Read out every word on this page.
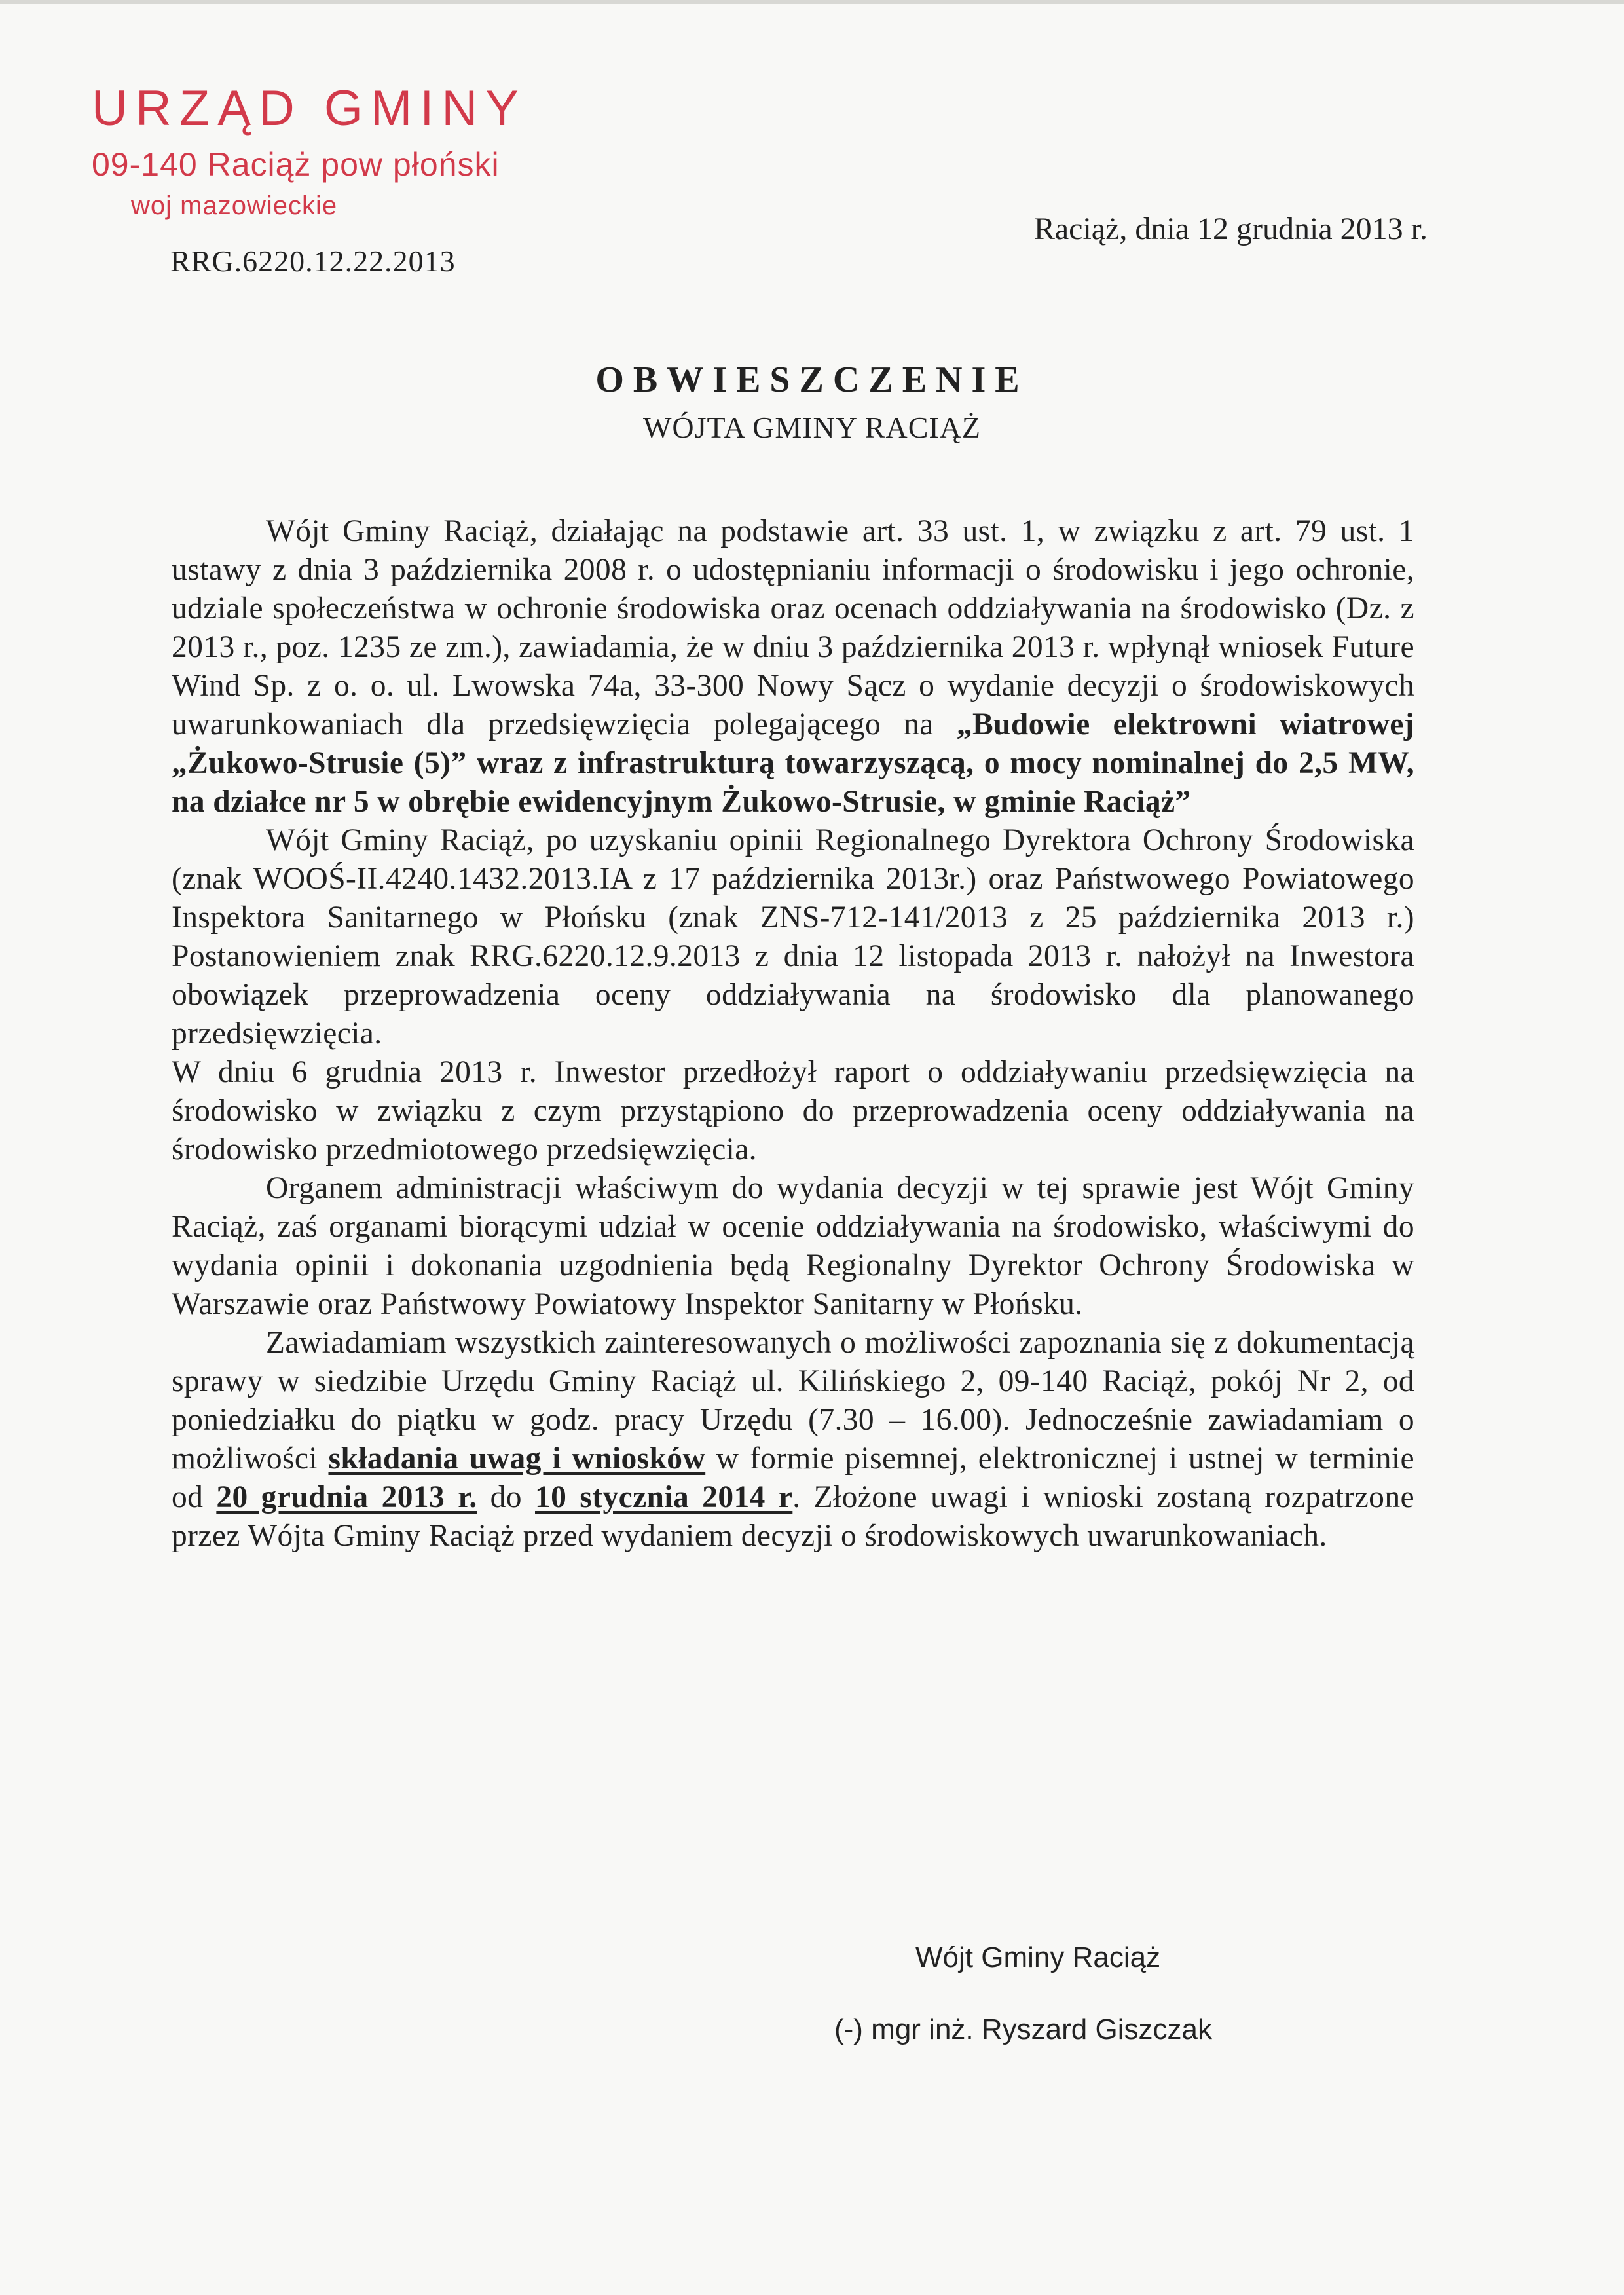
URZĄD GMINY
09-140 Raciąż pow płoński
woj mazowieckie
RRG.6220.12.22.2013
Raciąż, dnia 12 grudnia 2013 r.
OBWIESZCZENIE
WÓJTA GMINY RACIĄŻ

Wójt Gminy Raciąż, działając na podstawie art. 33 ust. 1, w związku z art. 79 ust. 1 ustawy z dnia 3 października 2008 r. o udostępnianiu informacji o środowisku i jego ochronie, udziale społeczeństwa w ochronie środowiska oraz ocenach oddziaływania na środowisko (Dz. z 2013 r., poz. 1235 ze zm.), zawiadamia, że w dniu 3 października 2013 r. wpłynął wniosek Future Wind Sp. z o. o. ul. Lwowska 74a, 33-300 Nowy Sącz o wydanie decyzji o środowiskowych uwarunkowaniach dla przedsięwzięcia polegającego na „Budowie elektrowni wiatrowej „Żukowo-Strusie (5)” wraz z infrastrukturą towarzyszącą, o mocy nominalnej do 2,5 MW, na działce nr 5 w obrębie ewidencyjnym Żukowo-Strusie, w gminie Raciąż”

Wójt Gminy Raciąż, po uzyskaniu opinii Regionalnego Dyrektora Ochrony Środowiska (znak WOOŚ-II.4240.1432.2013.IA z 17 października 2013r.) oraz Państwowego Powiatowego Inspektora Sanitarnego w Płońsku (znak ZNS-712-141/2013 z 25 października 2013 r.) Postanowieniem znak RRG.6220.12.9.2013 z dnia 12 listopada 2013 r. nałożył na Inwestora obowiązek przeprowadzenia oceny oddziaływania na środowisko dla planowanego przedsięwzięcia.

W dniu 6 grudnia 2013 r. Inwestor przedłożył raport o oddziaływaniu przedsięwzięcia na środowisko w związku z czym przystąpiono do przeprowadzenia oceny oddziaływania na środowisko przedmiotowego przedsięwzięcia.

Organem administracji właściwym do wydania decyzji w tej sprawie jest Wójt Gminy Raciąż, zaś organami biorącymi udział w ocenie oddziaływania na środowisko, właściwymi do wydania opinii i dokonania uzgodnienia będą Regionalny Dyrektor Ochrony Środowiska w Warszawie oraz Państwowy Powiatowy Inspektor Sanitarny w Płońsku.

Zawiadamiam wszystkich zainteresowanych o możliwości zapoznania się z dokumentacją sprawy w siedzibie Urzędu Gminy Raciąż ul. Kilińskiego 2, 09-140 Raciąż, pokój Nr 2, od poniedziałku do piątku w godz. pracy Urzędu (7.30 – 16.00). Jednocześnie zawiadamiam o możliwości składania uwag i wniosków w formie pisemnej, elektronicznej i ustnej w terminie od 20 grudnia 2013 r. do 10 stycznia 2014 r. Złożone uwagi i wnioski zostaną rozpatrzone przez Wójta Gminy Raciąż przed wydaniem decyzji o środowiskowych uwarunkowaniach.

Wójt Gminy Raciąż
(-) mgr inż. Ryszard Giszczak
